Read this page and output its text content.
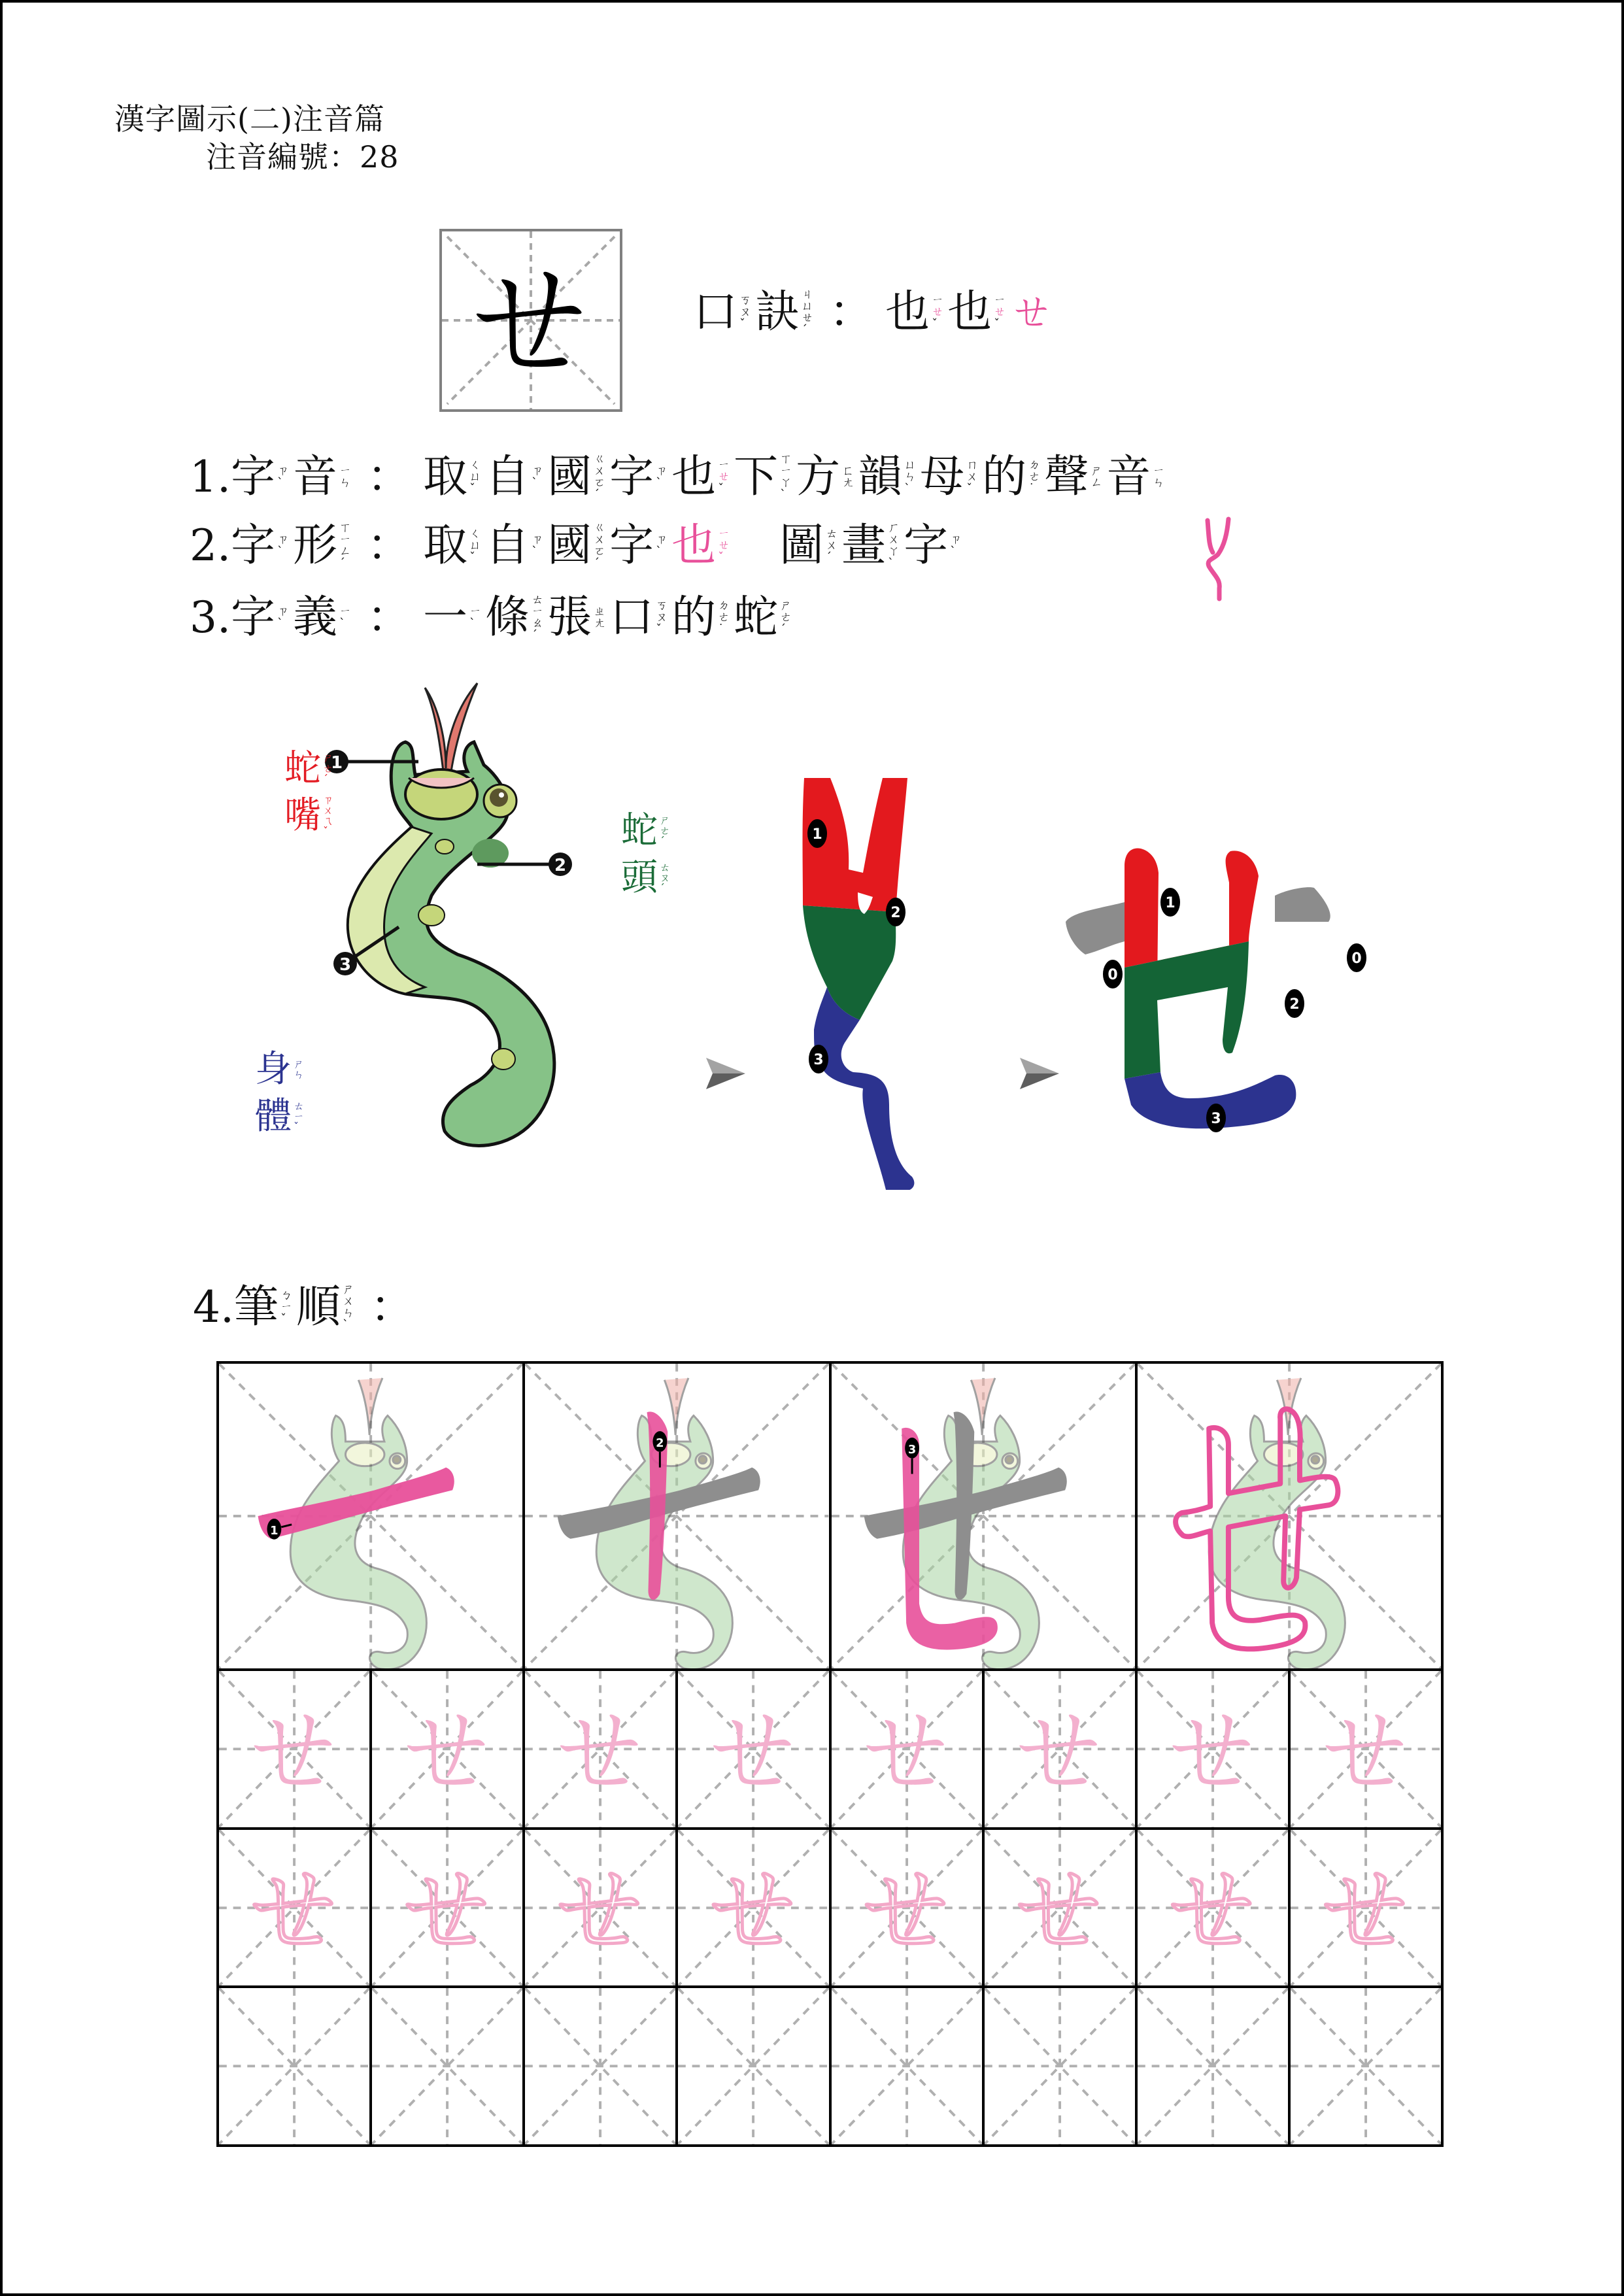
漢字圖示(二)注音篇
注音編號：28
ㄝ	口 ㄎ
ㄡ
ˇ 訣 ㄐ
ㄩ
ㄝ
ˊ ： 也 ㄧ
ㄝ
ˇ 也 ㄧ
ㄝ
ˇ ㄝ
1. 字 ㄗ
ˋ 音 ㄧ
ㄣ ： 取 ㄑ
ㄩ
ˇ 自 ㄗ
ˋ 國 ㄍ
ㄨ
ㄛ
ˊ 字 ㄗ
ˋ 也 ㄧ
ㄝ
ˇ 下 ㄒ
ㄧ
ㄚ
ˋ 方 ㄈ
ㄤ 韻 ㄩ
ㄣ
ˋ 母 ㄇ
ㄨ
ˇ 的 ㄉ
ㄜ
˙ 聲 ㄕ
ㄥ 音 ㄧ
ㄣ
2. 字 ㄗ
ˋ 形 ㄒ
ㄧ
ㄥ
ˊ ： 取 ㄑ
ㄩ
ˇ 自 ㄗ
ˋ 國 ㄍ
ㄨ
ㄛ
ˊ 字 ㄗ
ˋ 也 ㄧ
ㄝ
ˇ 圖 ㄊ
ㄨ
ˊ 畫 ㄏ
ㄨ
ㄚ
ˋ 字 ㄗ
ˋ
3. 字 ㄗ
ˋ 義 ㄧ
ˋ ： 一 ㄧ
ˋ 條 ㄊ
ㄧ
ㄠ
ˊ 張 ㄓ
ㄤ 口 ㄎ
ㄡ
ˇ 的 ㄉ
ㄜ
˙ 蛇 ㄕ
ㄜ
ˊ
1
2
3
蛇 ㄕ
ㄜ
ˊ
嘴 ㄗ
ㄨ
ㄟ
ˇ	蛇 ㄕ
ㄜ
ˊ
頭 ㄊ
ㄡ
ˊ
身 ㄕ
ㄣ
體 ㄊ
ㄧ
ˇ
1
2
3
0
0
1
2
3
4. 筆 ㄅ
ㄧ
ˇ 順 ㄕ
ㄨ
ㄣ
ˋ ：
1
2	3
ㄝ ㄝ ㄝ ㄝ ㄝ ㄝ ㄝ ㄝ
ㄝ ㄝ ㄝ ㄝ ㄝ ㄝ ㄝ ㄝ
